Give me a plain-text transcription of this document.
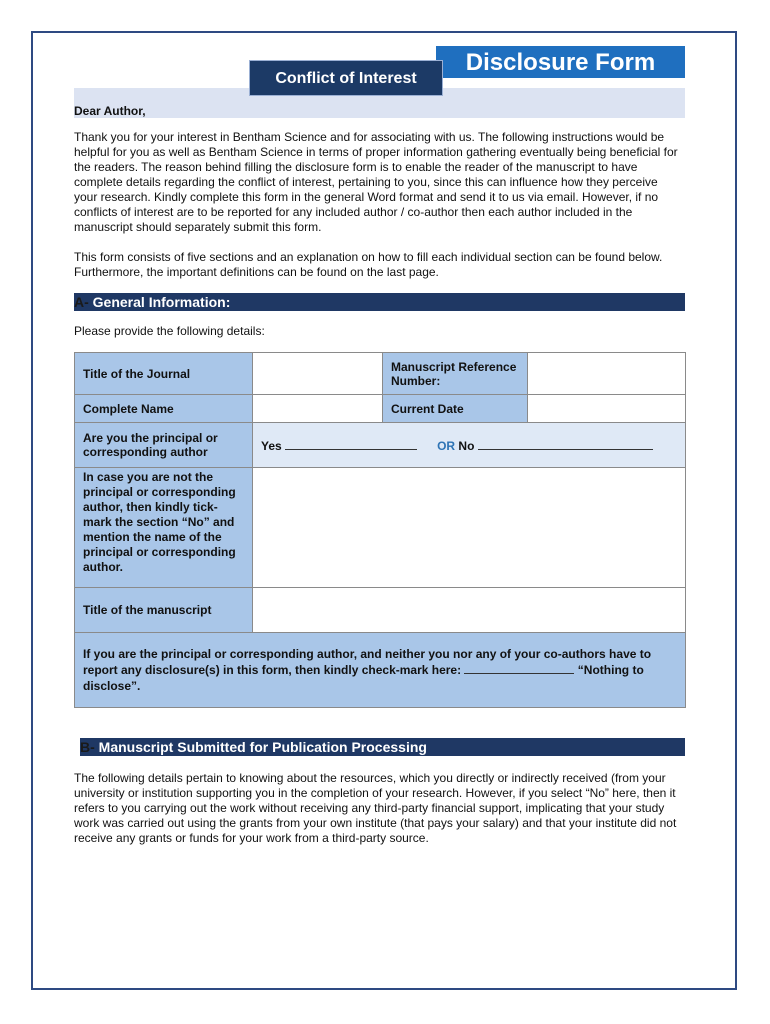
Disclosure Form
Conflict of Interest
Dear Author,

Thank you for your interest in Bentham Science and for associating with us. The following instructions would be helpful for you as well as Bentham Science in terms of proper information gathering eventually being beneficial for the readers. The reason behind filling the disclosure form is to enable the reader of the manuscript to have complete details regarding the conflict of interest, pertaining to you, since this can influence how they perceive your research. Kindly complete this form in the general Word format and send it to us via email. However, if no conflicts of interest are to be reported for any included author / co-author then each author included in the manuscript should separately submit this form.

This form consists of five sections and an explanation on how to fill each individual section can be found below. Furthermore, the important definitions can be found on the last page.

A- General Information:

Please provide the following details:

Title of the Journal		Manuscript Reference Number:	
Complete Name		Current Date	
Are you the principal or corresponding author	Yes OR No		
In case you are not the principal or corresponding author, then kindly tick- mark the section “No” and mention the name of the principal or corresponding author.			
Title of the manuscript			
If you are the principal or corresponding author, and neither you nor any of your co-authors have to report any disclosure(s) in this form, then kindly check-mark here: “Nothing to disclose”.			
B- Manuscript Submitted for Publication Processing

The following details pertain to knowing about the resources, which you directly or indirectly received (from your university or institution supporting you in the completion of your research. However, if you select “No” here, then it refers to you carrying out the work without receiving any third-party financial support, implicating that your study work was carried out using the grants from your own institute (that pays your salary) and that your institute did not receive any grants or funds for your work from a third-party source.
